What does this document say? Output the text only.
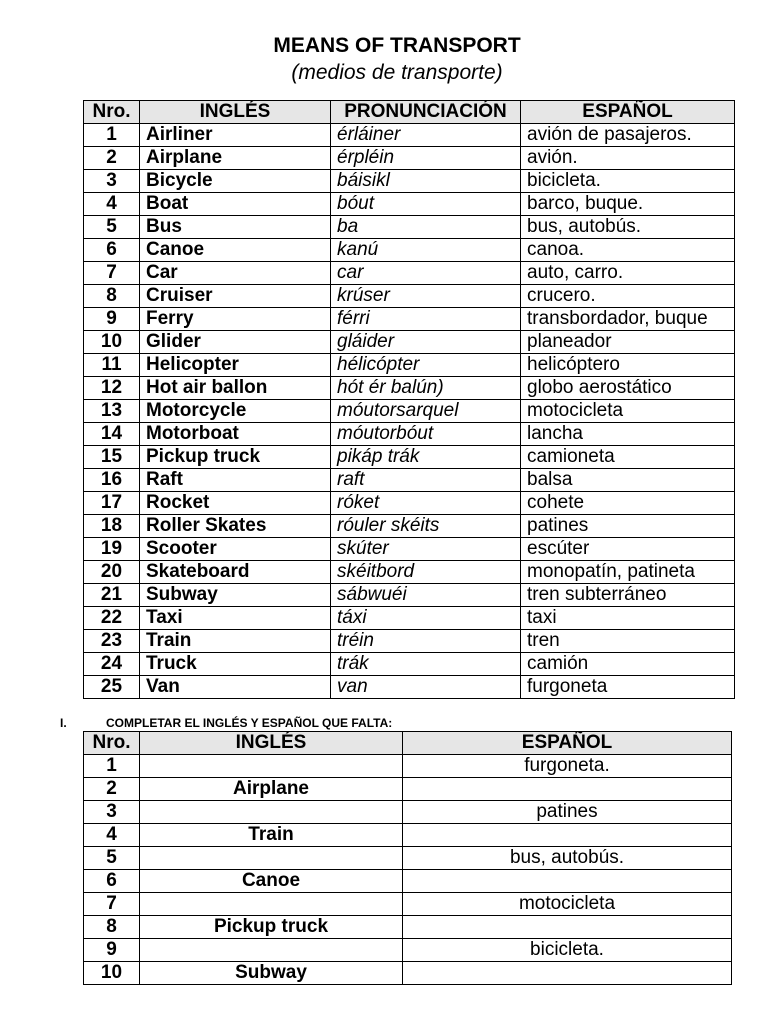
MEANS OF TRANSPORT
(medios de transporte)
Nro.	INGLÉS	PRONUNCIACIÓN	ESPAÑOL
1	Airliner	érláiner	avión de pasajeros.
2	Airplane	érpléin	avión.
3	Bicycle	báisikl	bicicleta.
4	Boat	bóut	barco, buque.
5	Bus	ba	bus, autobús.
6	Canoe	kanú	canoa.
7	Car	car	auto, carro.
8	Cruiser	krúser	crucero.
9	Ferry	férri	transbordador, buque
10	Glider	gláider	planeador
11	Helicopter	hélicópter	helicóptero
12	Hot air ballon	hót ér balún)	globo aerostático
13	Motorcycle	móutorsarquel	motocicleta
14	Motorboat	móutorbóut	lancha
15	Pickup truck	pikáp trák	camioneta
16	Raft	raft	balsa
17	Rocket	róket	cohete
18	Roller Skates	róuler skéits	patines
19	Scooter	skúter	escúter
20	Skateboard	skéitbord	monopatín, patineta
21	Subway	sábwuéi	tren subterráneo
22	Taxi	táxi	taxi
23	Train	tréin	tren
24	Truck	trák	camión
25	Van	van	furgoneta
I.	COMPLETAR EL INGLÉS Y ESPAÑOL QUE FALTA:
Nro.	INGLÉS	ESPAÑOL
1		furgoneta.
2	Airplane	
3		patines
4	Train	
5		bus, autobús.
6	Canoe	
7		motocicleta
8	Pickup truck	
9		bicicleta.
10	Subway	
